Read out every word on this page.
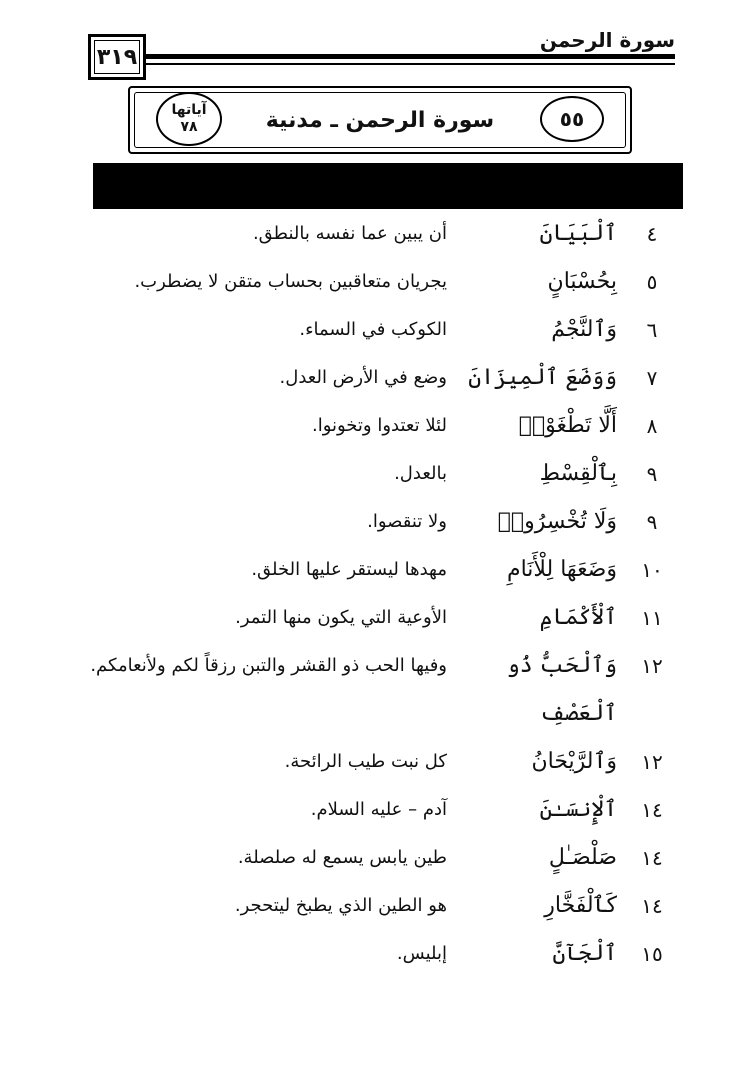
سورة الرحمن
٣١٩
٥٥
سورة الرحمن ـ مدنية
آياتها
٧٨
٤
ٱلْبَيَانَ
أن يبين عما نفسه بالنطق.
٥
بِحُسْبَانٍ
يجريان متعاقبين بحساب متقن لا يضطرب.
٦
وَٱلنَّجْمُ
الكوكب في السماء.
٧
وَوَضَعَ ٱلْمِيزَانَ
وضع في الأرض العدل.
٨
أَلَّا تَطْغَوْا۟
لئلا تعتدوا وتخونوا.
٩
بِٱلْقِسْطِ
بالعدل.
٩
وَلَا تُخْسِرُوا۟
ولا تنقصوا.
١٠
وَضَعَهَا لِلْأَنَامِ
مهدها ليستقر عليها الخلق.
١١
ٱلْأَكْمَامِ
الأوعية التي يكون منها التمر.
١٢
وَٱلْحَبُّ ذُو ٱلْعَصْفِ
وفيها الحب ذو القشر والتبن رزقاً لكم ولأنعامكم.
١٢
وَٱلرَّيْحَانُ
كل نبت طيب الرائحة.
١٤
ٱلْإِنسَـٰنَ
آدم – عليه السلام.
١٤
صَلْصَـٰلٍ
طين يابس يسمع له صلصلة.
١٤
كَٱلْفَخَّارِ
هو الطين الذي يطبخ ليتحجر.
١٥
ٱلْجَآنَّ
إبليس.
